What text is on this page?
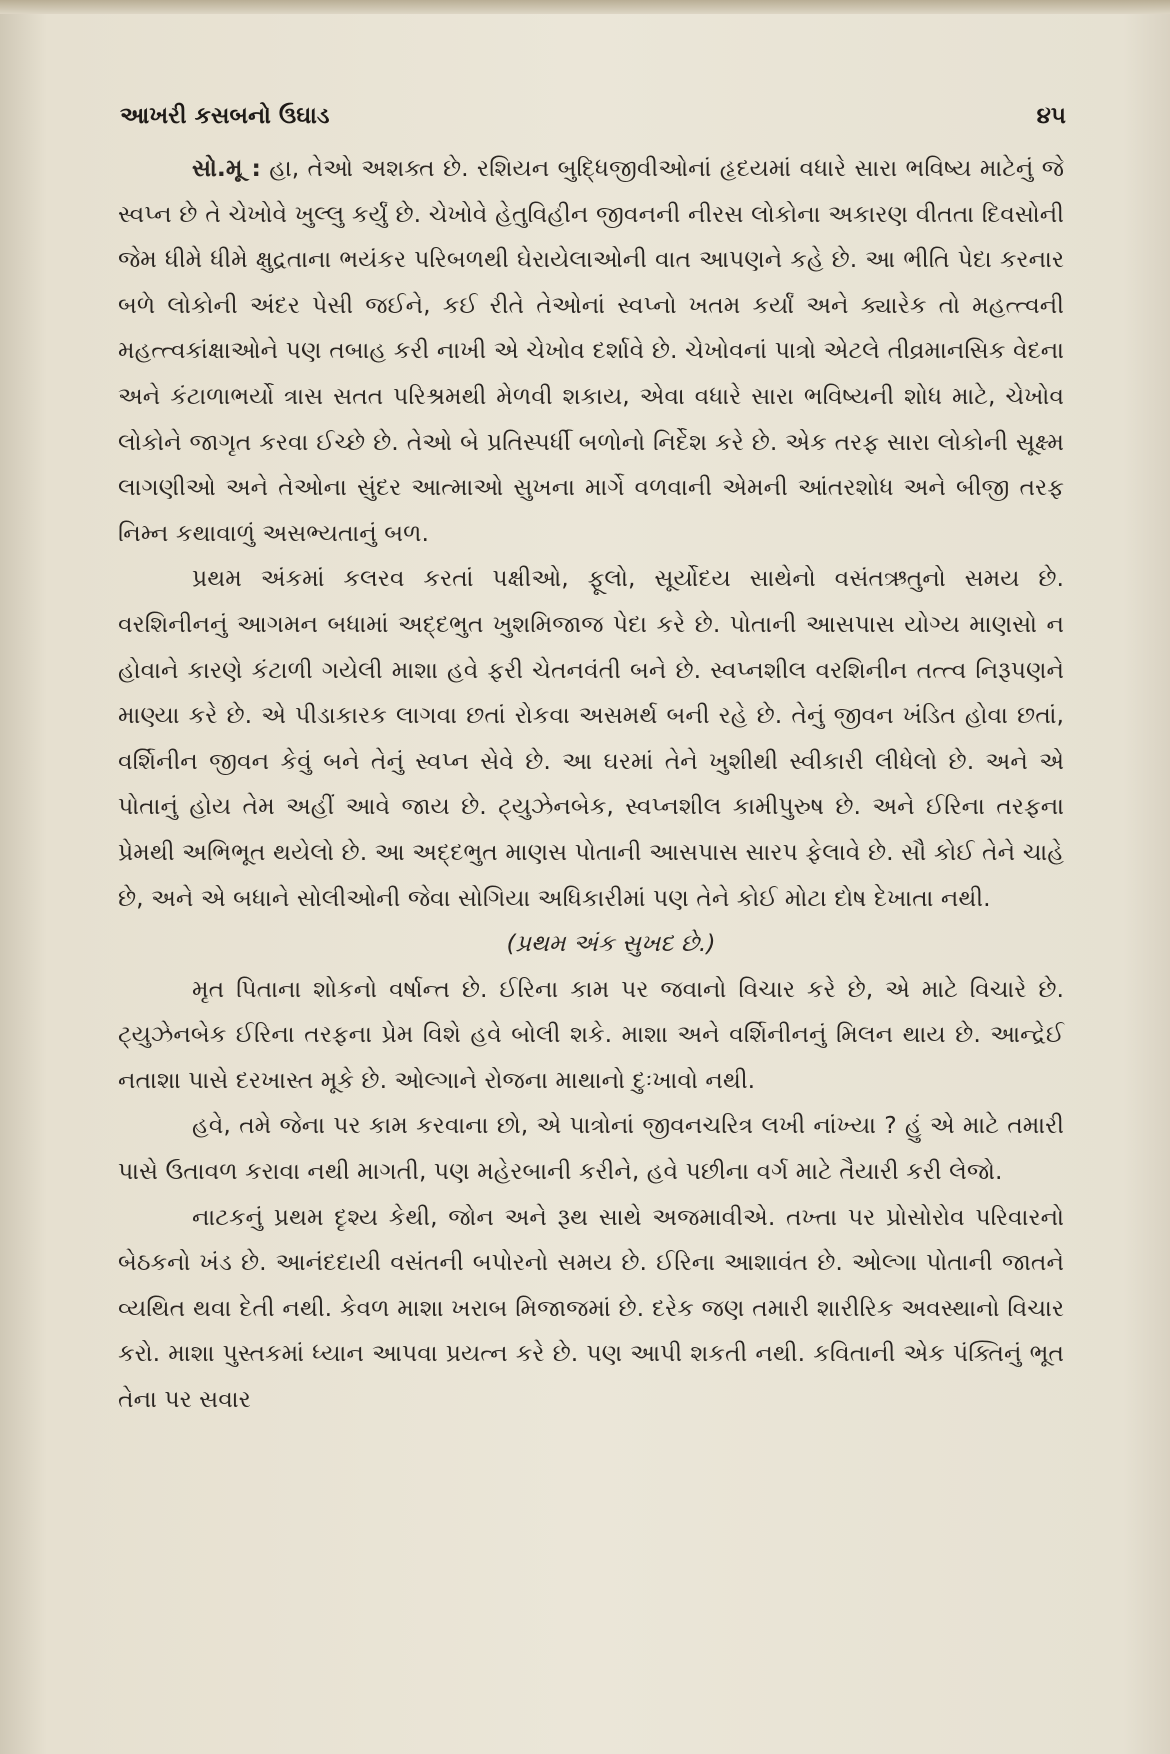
આખરી કસબનો ઉઘાડ	૪૫

સો.મૂ : હા, તેઓ અશક્ત છે. રશિયન બુદ્ધિજીવીઓનાં હૃદયમાં વધારે સારા ભવિષ્ય માટેનું જે સ્વપ્ન છે તે ચેખોવે ખુલ્લુ કર્યું છે. ચેખોવે હેતુવિહીન જીવનની નીરસ લોકોના અકારણ વીતતા દિવસોની જેમ ધીમે ધીમે ક્ષુદ્રતાના ભયંકર પરિબળથી ઘેરાયેલાઓની વાત આપણને કહે છે. આ ભીતિ પેદા કરનાર બળે લોકોની અંદર પેસી જઈને, કઈ રીતે તેઓનાં સ્વપ્નો ખતમ કર્યાં અને ક્યારેક તો મહત્ત્વની મહત્ત્વકાંક્ષાઓને પણ તબાહ કરી નાખી એ ચેખોવ દર્શાવે છે. ચેખોવનાં પાત્રો એટલે તીવ્રમાનસિક વેદના અને કંટાળાભર્યો ત્રાસ સતત પરિશ્રમથી મેળવી શકાય, એવા વધારે સારા ભવિષ્યની શોધ માટે, ચેખોવ લોકોને જાગૃત કરવા ઈચ્છે છે. તેઓ બે પ્રતિસ્પર્ધી બળોનો નિર્દેશ કરે છે. એક તરફ સારા લોકોની સૂક્ષ્મ લાગણીઓ અને તેઓના સુંદર આત્માઓ સુખના માર્ગે વળવાની એમની આંતરશોધ અને બીજી તરફ નિમ્ન કથાવાળું અસભ્યતાનું બળ.

પ્રથમ અંકમાં કલરવ કરતાં પક્ષીઓ, ફૂલો, સૂર્યોદય સાથેનો વસંતઋતુનો સમય છે. વરશિનીનનું આગમન બધામાં અદ્દભુત ખુશમિજાજ પેદા કરે છે. પોતાની આસપાસ યોગ્ય માણસો ન હોવાને કારણે કંટાળી ગયેલી માશા હવે ફરી ચેતનવંતી બને છે. સ્વપ્નશીલ વરશિનીન તત્ત્વ નિરૂપણને માણ્યા કરે છે. એ પીડાકારક લાગવા છતાં રોકવા અસમર્થ બની રહે છે. તેનું જીવન ખંડિત હોવા છતાં, વર્શિનીન જીવન કેવું બને તેનું સ્વપ્ન સેવે છે. આ ઘરમાં તેને ખુશીથી સ્વીકારી લીધેલો છે. અને એ પોતાનું હોય તેમ અહીં આવે જાય છે. ટ્યુઝેનબેક, સ્વપ્નશીલ કામીપુરુષ છે. અને ઈરિના તરફના પ્રેમથી અભિભૂત થયેલો છે. આ અદ્દભુત માણસ પોતાની આસપાસ સારપ ફેલાવે છે. સૌ કોઈ તેને ચાહે છે, અને એ બધાને સોલીઓની જેવા સોગિયા અધિકારીમાં પણ તેને કોઈ મોટા દોષ દેખાતા નથી.

(પ્રથમ અંક સુખદ છે.)

મૃત પિતાના શોકનો વર્ષાન્ત છે. ઈરિના કામ પર જવાનો વિચાર કરે છે, એ માટે વિચારે છે. ટ્યુઝેનબેક ઈરિના તરફના પ્રેમ વિશે હવે બોલી શકે. માશા અને વર્શિનીનનું મિલન થાય છે. આન્દ્રેઈ નતાશા પાસે દરખાસ્ત મૂકે છે. ઓલ્ગાને રોજના માથાનો દુઃખાવો નથી.

હવે, તમે જેના પર કામ કરવાના છો, એ પાત્રોનાં જીવનચરિત્ર લખી નાંખ્યા ? હું એ માટે તમારી પાસે ઉતાવળ કરાવા નથી માગતી, પણ મહેરબાની કરીને, હવે પછીના વર્ગ માટે તૈયારી કરી લેજો.

નાટકનું પ્રથમ દૃશ્ય કેથી, જોન અને રૂથ સાથે અજમાવીએ. તખ્તા પર પ્રોસોરોવ પરિવારનો બેઠકનો ખંડ છે. આનંદદાયી વસંતની બપોરનો સમય છે. ઈરિના આશાવંત છે. ઓલ્ગા પોતાની જાતને વ્યથિત થવા દેતી નથી. કેવળ માશા ખરાબ મિજાજમાં છે. દરેક જણ તમારી શારીરિક અવસ્થાનો વિચાર કરો. માશા પુસ્તકમાં ધ્યાન આપવા પ્રયત્ન કરે છે. પણ આપી શકતી નથી. કવિતાની એક પંક્તિનું ભૂત તેના પર સવાર
